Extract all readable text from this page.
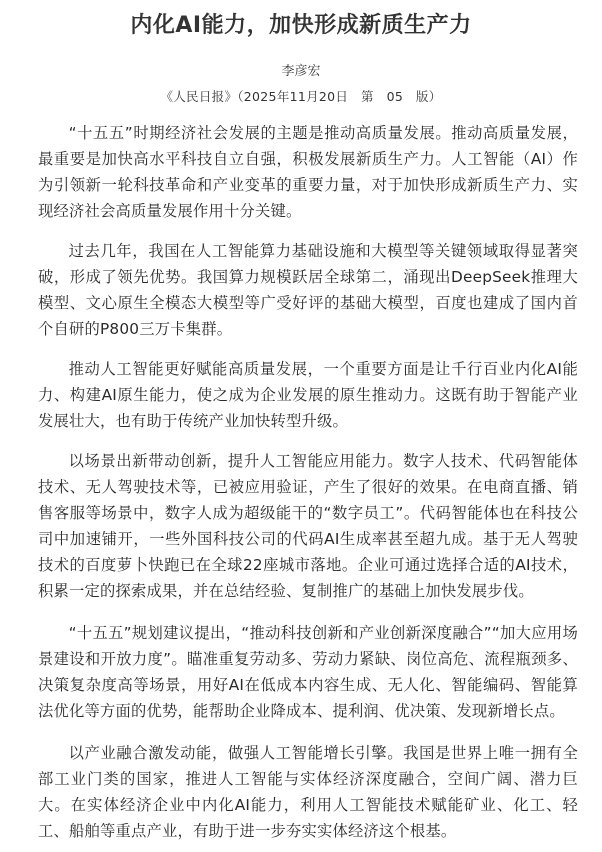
内化AI能力，加快形成新质生产力
李彦宏
《人民日报》（2025年11月20日　第　05　版）

“十五五”时期经济社会发展的主题是推动高质量发展。推动高质量发展，最重要是加快高水平科技自立自强，积极发展新质生产力。人工智能（AI）作为引领新一轮科技革命和产业变革的重要力量，对于加快形成新质生产力、实现经济社会高质量发展作用十分关键。

过去几年，我国在人工智能算力基础设施和大模型等关键领域取得显著突破，形成了领先优势。我国算力规模跃居全球第二，涌现出DeepSeek推理大模型、文心原生全模态大模型等广受好评的基础大模型，百度也建成了国内首个自研的P800三万卡集群。

推动人工智能更好赋能高质量发展，一个重要方面是让千行百业内化AI能力、构建AI原生能力，使之成为企业发展的原生推动力。这既有助于智能产业发展壮大，也有助于传统产业加快转型升级。

以场景出新带动创新，提升人工智能应用能力。数字人技术、代码智能体技术、无人驾驶技术等，已被应用验证，产生了很好的效果。在电商直播、销售客服等场景中，数字人成为超级能干的“数字员工”。代码智能体也在科技公司中加速铺开，一些外国科技公司的代码AI生成率甚至超九成。基于无人驾驶技术的百度萝卜快跑已在全球22座城市落地。企业可通过选择合适的AI技术，积累一定的探索成果，并在总结经验、复制推广的基础上加快发展步伐。

“十五五”规划建议提出，“推动科技创新和产业创新深度融合”“加大应用场景建设和开放力度”。瞄准重复劳动多、劳动力紧缺、岗位高危、流程瓶颈多、决策复杂度高等场景，用好AI在低成本内容生成、无人化、智能编码、智能算法优化等方面的优势，能帮助企业降成本、提利润、优决策、发现新增长点。

以产业融合激发动能，做强人工智能增长引擎。我国是世界上唯一拥有全部工业门类的国家，推进人工智能与实体经济深度融合，空间广阔、潜力巨大。在实体经济企业中内化AI能力，利用人工智能技术赋能矿业、化工、轻工、船舶等重点产业，有助于进一步夯实实体经济这个根基。
